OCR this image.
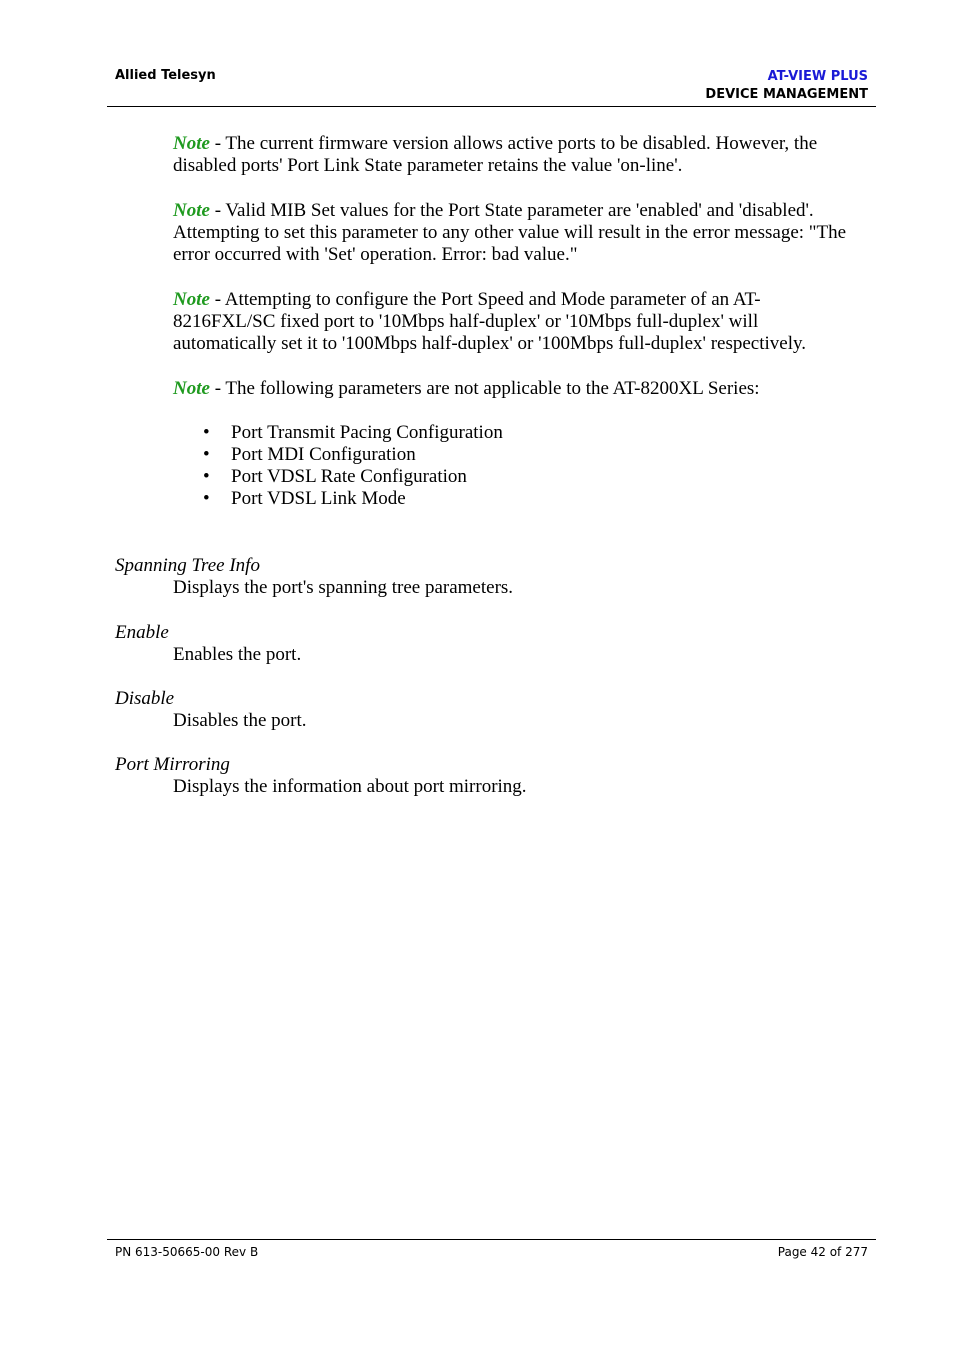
Allied Telesyn	AT-VIEW PLUS
DEVICE MANAGEMENT
Note - The current firmware version allows active ports to be disabled. However, the
disabled ports' Port Link State parameter retains the value 'on-line'.
Note - Valid MIB Set values for the Port State parameter are 'enabled' and 'disabled'.
Attempting to set this parameter to any other value will result in the error message: "The
error occurred with 'Set' operation. Error: bad value."
Note - Attempting to configure the Port Speed and Mode parameter of an AT-
8216FXL/SC fixed port to '10Mbps half-duplex' or '10Mbps full-duplex' will
automatically set it to '100Mbps half-duplex' or '100Mbps full-duplex' respectively.
Note - The following parameters are not applicable to the AT-8200XL Series:
• Port Transmit Pacing Configuration
• Port MDI Configuration
• Port VDSL Rate Configuration
• Port VDSL Link Mode
Spanning Tree Info
Displays the port's spanning tree parameters.
Enable
Enables the port.
Disable
Disables the port.
Port Mirroring
Displays the information about port mirroring.
PN 613-50665-00 Rev B	Page 42 of 277
